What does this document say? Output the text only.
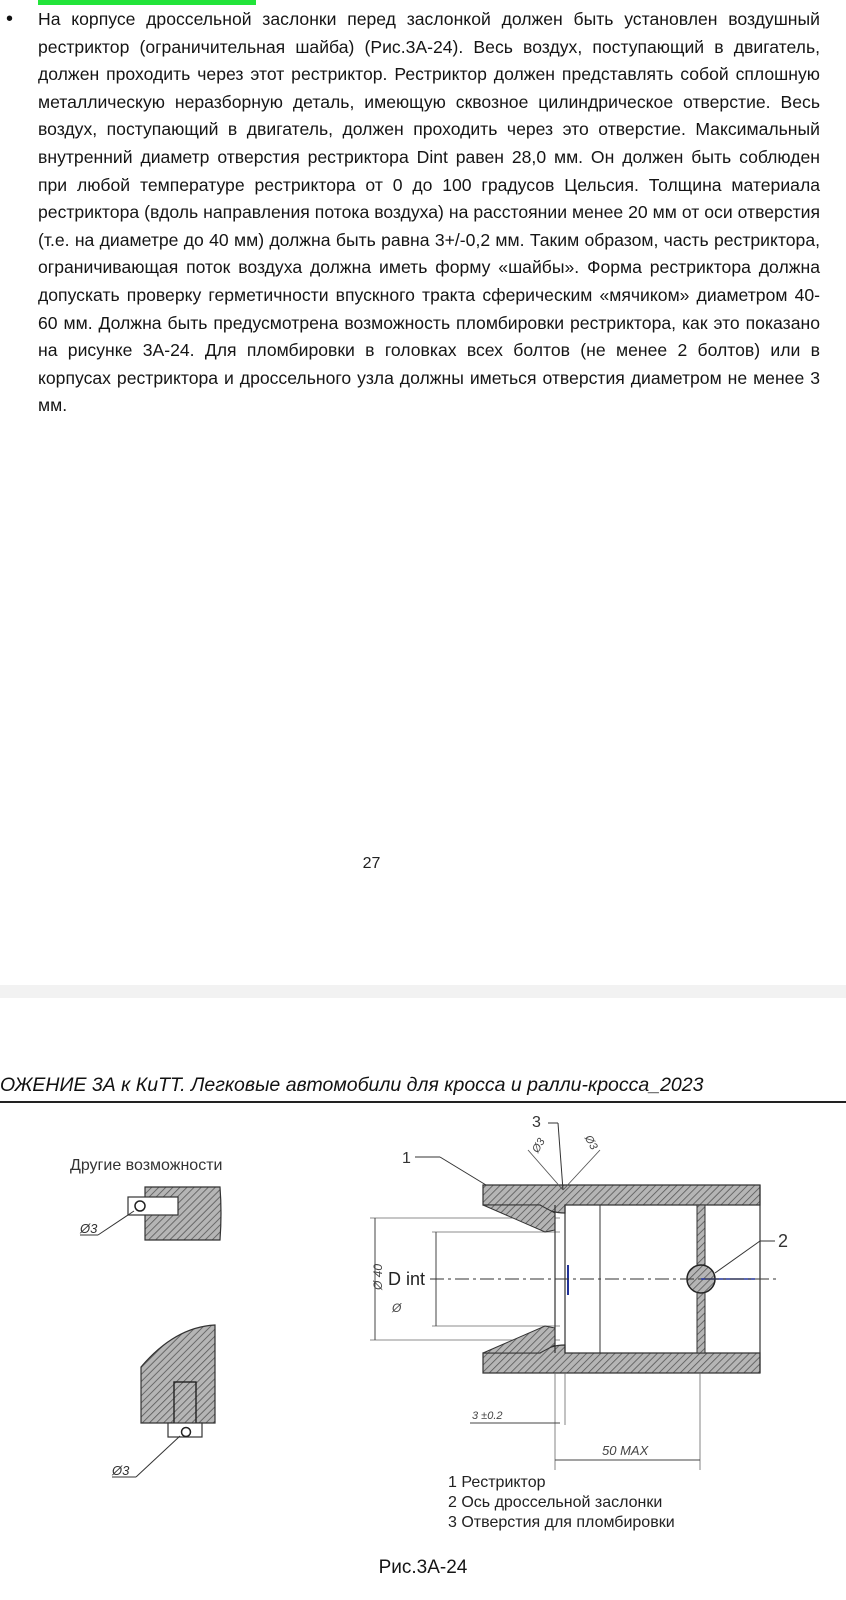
• На корпусе дроссельной заслонки перед заслонкой должен быть установлен воздушный рестриктор (ограничительная шайба) (Рис.3А-24). Весь воздух, поступающий в двигатель, должен проходить через этот рестриктор. Рестриктор должен представлять собой сплошную металлическую неразборную деталь, имеющую сквозное цилиндрическое отверстие. Весь воздух, поступающий в двигатель, должен проходить через это отверстие. Максимальный внутренний диаметр отверстия рестриктора Dint равен 28,0 мм. Он должен быть соблюден при любой температуре рестриктора от 0 до 100 градусов Цельсия. Толщина материала рестриктора (вдоль направления потока воздуха) на расстоянии менее 20 мм от оси отверстия (т.е. на диаметре до 40 мм) должна быть равна 3+/-0,2 мм. Таким образом, часть рестриктора, ограничивающая поток воздуха должна иметь форму «шайбы». Форма рестриктора должна допускать проверку герметичности впускного тракта сферическим «мячиком» диаметром 40-60 мм. Должна быть предусмотрена возможность пломбировки рестриктора, как это показано на рисунке 3А-24. Для пломбировки в головках всех болтов (не менее 2 болтов) или в корпусах рестриктора и дроссельного узла должны иметься отверстия диаметром не менее 3 мм.
27
ОЖЕНИЕ 3А к КиТТ. Легковые автомобили для кросса и ралли-кросса_2023
Другие возможности
Ø3
Ø3
1
2
3
Ø3	Ø3
Ø 40 D int
Ø
3 ±0.2
50 MAX
1 Рестриктор
2 Ось дроссельной заслонки
3 Отверстия для пломбировки
Рис.3А-24
